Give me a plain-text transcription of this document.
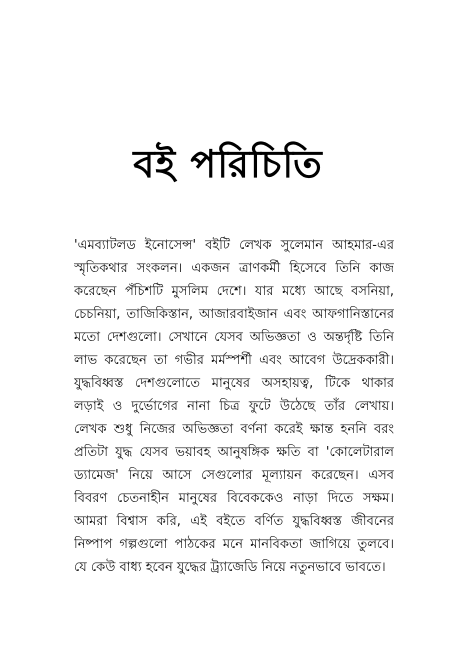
বই পরিচিতি
'এমব্যাটলড ইনোসেন্স' বইটি লেখক সুলেমান আহমার-এর
স্মৃতিকথার সংকলন। একজন ত্রাণকর্মী হিসেবে তিনি কাজ
করেছেন পঁচিশটি মুসলিম দেশে। যার মধ্যে আছে বসনিয়া,
চেচনিয়া, তাজিকিস্তান, আজারবাইজান এবং আফগানিস্তানের
মতো দেশগুলো। সেখানে যেসব অভিজ্ঞতা ও অন্তর্দৃষ্টি তিনি
লাভ করেছেন তা গভীর মর্মস্পর্শী এবং আবেগ উদ্রেককারী।
যুদ্ধবিধ্বস্ত দেশগুলোতে মানুষের অসহায়ত্ব, টিকে থাকার
লড়াই ও দুর্ভোগের নানা চিত্র ফুটে উঠেছে তাঁর লেখায়।
লেখক শুধু নিজের অভিজ্ঞতা বর্ণনা করেই ক্ষান্ত হননি বরং
প্রতিটা যুদ্ধ যেসব ভয়াবহ আনুষঙ্গিক ক্ষতি বা 'কোলেটারাল
ড্যামেজ' নিয়ে আসে সেগুলোর মূল্যায়ন করেছেন। এসব
বিবরণ চেতনাহীন মানুষের বিবেককেও নাড়া দিতে সক্ষম।
আমরা বিশ্বাস করি, এই বইতে বর্ণিত যুদ্ধবিধ্বস্ত জীবনের
নিষ্পাপ গল্পগুলো পাঠকের মনে মানবিকতা জাগিয়ে তুলবে।
যে কেউ বাধ্য হবেন যুদ্ধের ট্র্যাজেডি নিয়ে নতুনভাবে ভাবতে।
